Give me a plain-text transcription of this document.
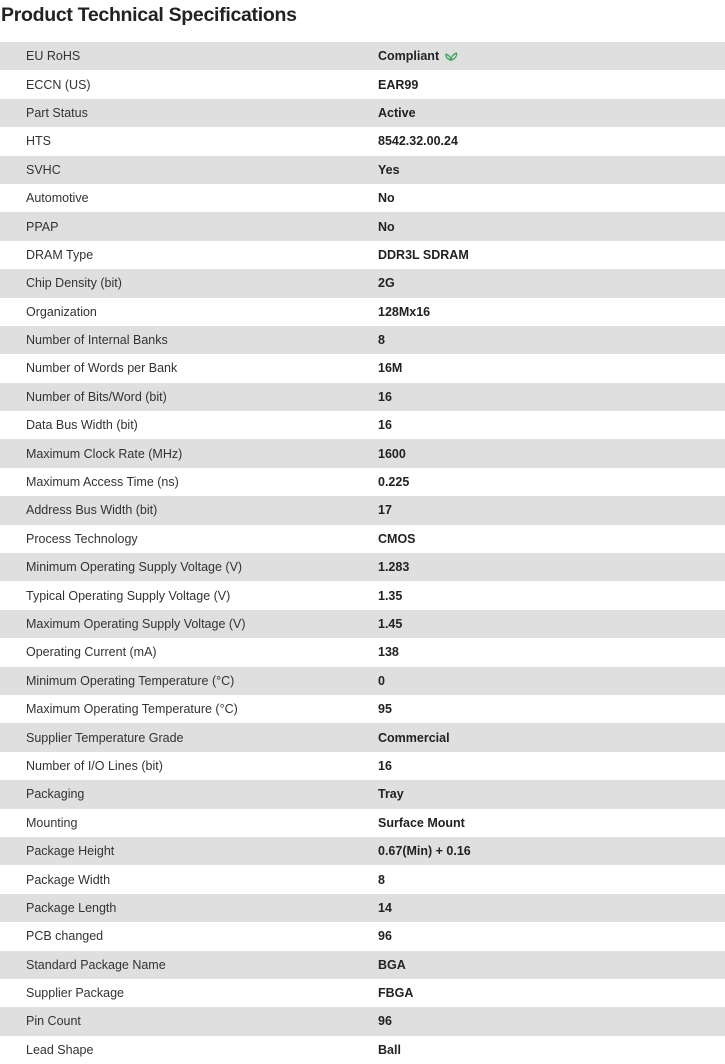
Product Technical Specifications
EU RoHS	Compliant
ECCN (US)	EAR99
Part Status	Active
HTS	8542.32.00.24
SVHC	Yes
Automotive	No
PPAP	No
DRAM Type	DDR3L SDRAM
Chip Density (bit)	2G
Organization	128Mx16
Number of Internal Banks	8
Number of Words per Bank	16M
Number of Bits/Word (bit)	16
Data Bus Width (bit)	16
Maximum Clock Rate (MHz)	1600
Maximum Access Time (ns)	0.225
Address Bus Width (bit)	17
Process Technology	CMOS
Minimum Operating Supply Voltage (V)	1.283
Typical Operating Supply Voltage (V)	1.35
Maximum Operating Supply Voltage (V)	1.45
Operating Current (mA)	138
Minimum Operating Temperature (°C)	0
Maximum Operating Temperature (°C)	95
Supplier Temperature Grade	Commercial
Number of I/O Lines (bit)	16
Packaging	Tray
Mounting	Surface Mount
Package Height	0.67(Min) + 0.16
Package Width	8
Package Length	14
PCB changed	96
Standard Package Name	BGA
Supplier Package	FBGA
Pin Count	96
Lead Shape	Ball
